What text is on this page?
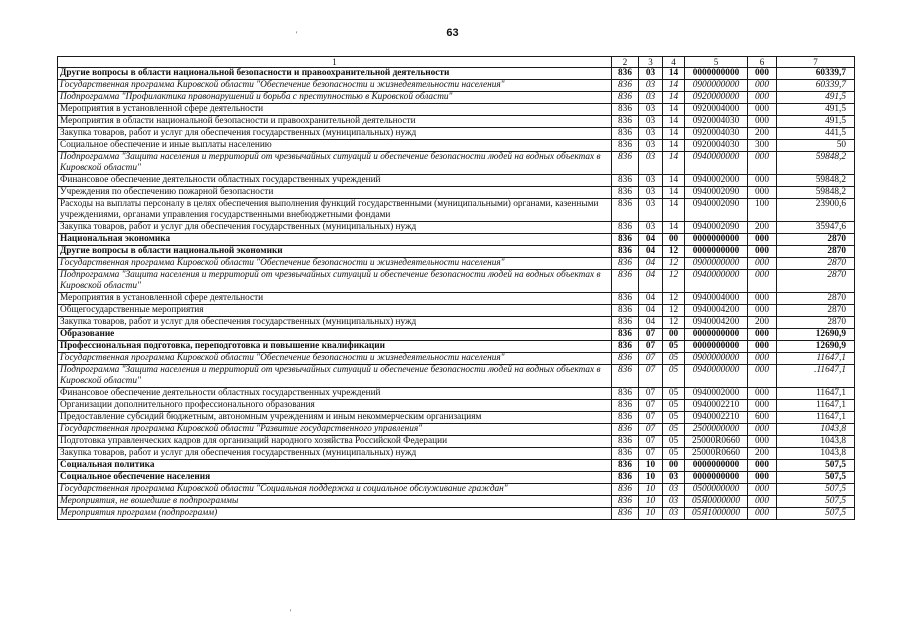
63
'
'
1	2	3	4	5	6	7
Другие вопросы в области национальной безопасности и правоохранительной деятельности	836	03	14	0000000000	000	60339,7
Государственная программа Кировской области "Обеспечение безопасности и жизнедеятельности населения"	836	03	14	0900000000	000	60339,7
Подпрограмма "Профилактика правонарушений и борьба с преступностью в Кировской области"	836	03	14	0920000000	000	491,5
Мероприятия в установленной сфере деятельности	836	03	14	0920004000	000	491,5
Мероприятия в области национальной безопасности и правоохранительной деятельности	836	03	14	0920004030	000	491,5
Закупка товаров, работ и услуг для обеспечения государственных (муниципальных) нужд	836	03	14	0920004030	200	441,5
Социальное обеспечение и иные выплаты населению	836	03	14	0920004030	300	50
Подпрограмма "Защита населения и территорий от чрезвычайных ситуаций и обеспечение безопасности людей на водных объектах в Кировской области"	836	03	14	0940000000	000	59848,2
Финансовое обеспечение деятельности областных государственных учреждений	836	03	14	0940002000	000	59848,2
Учреждения по обеспечению пожарной безопасности	836	03	14	0940002090	000	59848,2
Расходы на выплаты персоналу в целях обеспечения выполнения функций государственными (муниципальными) органами, казенными учреждениями, органами управления государственными внебюджетными фондами	836	03	14	0940002090	100	23900,6
Закупка товаров, работ и услуг для обеспечения государственных (муниципальных) нужд	836	03	14	0940002090	200	35947,6
Национальная экономика	836	04	00	0000000000	000	2870
Другие вопросы в области национальной экономики	836	04	12	0000000000	000	2870
Государственная программа Кировской области "Обеспечение безопасности и жизнедеятельности населения"	836	04	12	0900000000	000	2870
Подпрограмма "Защита населения и территорий от чрезвычайных ситуаций и обеспечение безопасности людей на водных объектах в Кировской области"	836	04	12	0940000000	000	2870
Мероприятия в установленной сфере деятельности	836	04	12	0940004000	000	2870
Общегосударственные мероприятия	836	04	12	0940004200	000	2870
Закупка товаров, работ и услуг для обеспечения государственных (муниципальных) нужд	836	04	12	0940004200	200	2870
Образование	836	07	00	0000000000	000	12690,9
Профессиональная подготовка, переподготовка и повышение квалификации	836	07	05	0000000000	000	12690,9
Государственная программа Кировской области "Обеспечение безопасности и жизнедеятельности населения"	836	07	05	0900000000	000	11647,1
Подпрограмма "Защита населения и территорий от чрезвычайных ситуаций и обеспечение безопасности людей на водных объектах в Кировской области"	836	07	05	0940000000	000	.11647,1
Финансовое обеспечение деятельности областных государственных учреждений	836	07	05	0940002000	000	11647,1
Организации дополнительного профессионального образования	836	07	05	0940002210	000	11647,1
Предоставление субсидий бюджетным, автономным учреждениям и иным некоммерческим организациям	836	07	05	0940002210	600	11647,1
Государственная программа Кировской области "Развитие государственного управления"	836	07	05	2500000000	000	1043,8
Подготовка управленческих кадров для организаций народного хозяйства Российской Федерации	836	07	05	25000R0660	000	1043,8
Закупка товаров, работ и услуг для обеспечения государственных (муниципальных) нужд	836	07	05	25000R0660	200	1043,8
Социальная политика	836	10	00	0000000000	000	507,5
Социальное обеспечение населения	836	10	03	0000000000	000	507,5
Государственная программа Кировской области "Социальная поддержка и социальное обслуживание граждан"	836	10	03	0500000000	000	507,5
Мероприятия, не вошедшие в подпрограммы	836	10	03	05Я0000000	000	507,5
Мероприятия программ (подпрограмм)	836	10	03	05Я1000000	000	507,5
